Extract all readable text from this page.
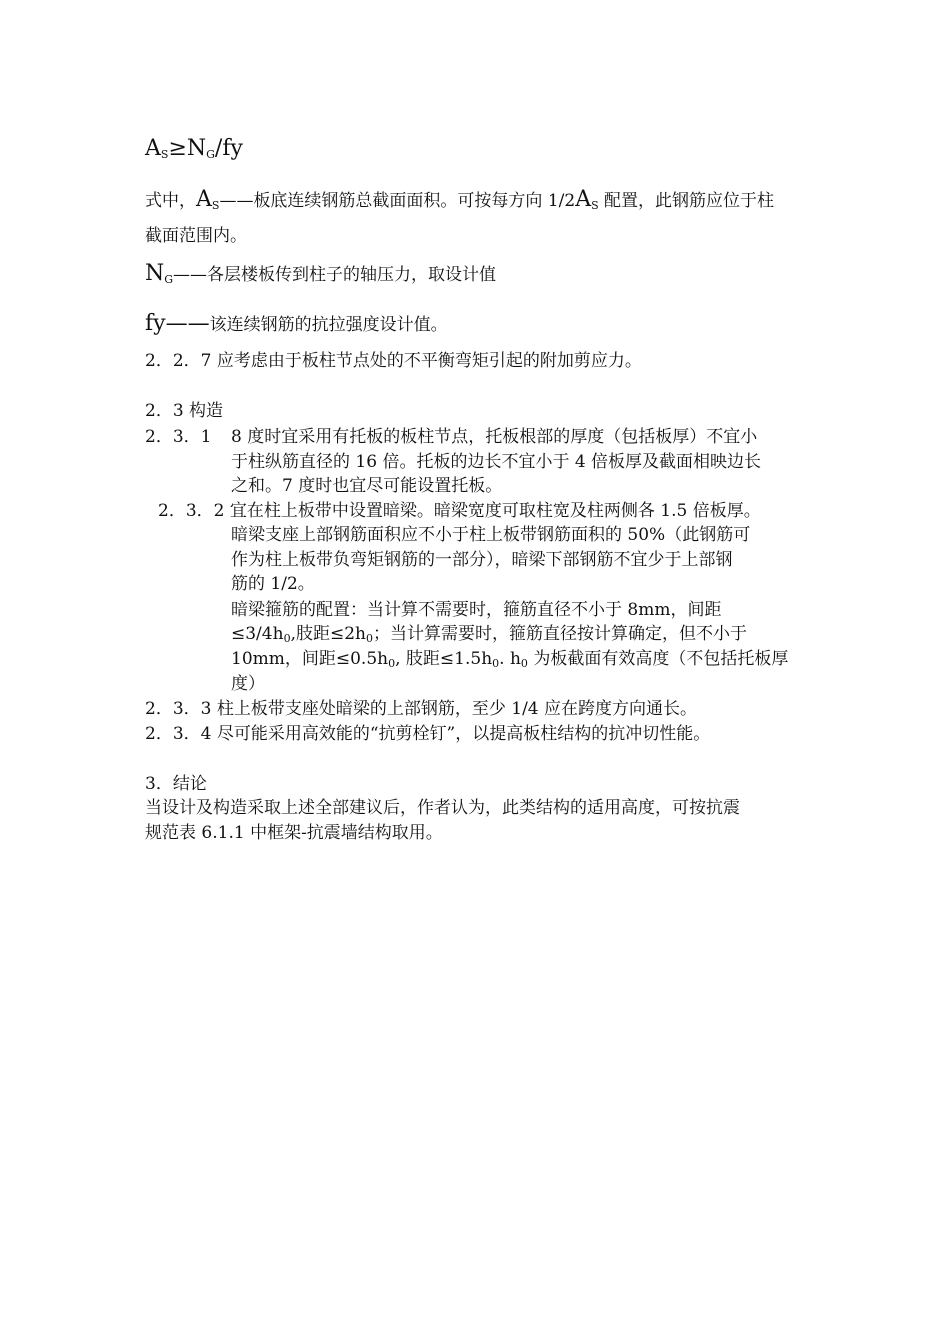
$A_S\ge N_G/fy$
式中，$A_S——$板底连续钢筋总截面面积。可按每方向 $1/2A_S$ 配置，此钢筋应位于柱
截面范围内。
$N_G——$各层楼板传到柱子的轴压力，取设计值
fy——该连续钢筋的抗拉强度设计值。
2．2．7 应考虑由于板柱节点处的不平衡弯矩引起的附加剪应力。
2．3 构造
2．3．1 8 度时宜采用有托板的板柱节点，托板根部的厚度（包括板厚）不宜小
于柱纵筋直径的 16 倍。托板的边长不宜小于 4 倍板厚及截面相映边长
之和。7 度时也宜尽可能设置托板。
2．3．2 宜在柱上板带中设置暗梁。暗梁宽度可取柱宽及柱两侧各 1.5 倍板厚。
暗梁支座上部钢筋面积应不小于柱上板带钢筋面积的 50%（此钢筋可
作为柱上板带负弯矩钢筋的一部分），暗梁下部钢筋不宜少于上部钢
筋的 1/2。
暗梁箍筋的配置：当计算不需要时，箍筋直径不小于 8mm，间距
$\le 3/4h_0$,肢距$\le 2h_0$；当计算需要时，箍筋直径按计算确定，但不小于
10mm，间距$\le 0.5h_0$, 肢距$\le 1.5h_0$. $h_0$ 为板截面有效高度（不包括托板厚
度）
2．3．3 柱上板带支座处暗梁的上部钢筋，至少 1/4 应在跨度方向通长。
2．3．4 尽可能采用高效能的“抗剪栓钉”，以提高板柱结构的抗冲切性能。
3．结论
当设计及构造采取上述全部建议后，作者认为，此类结构的适用高度，可按抗震
规范表 6.1.1 中框架-抗震墙结构取用。
